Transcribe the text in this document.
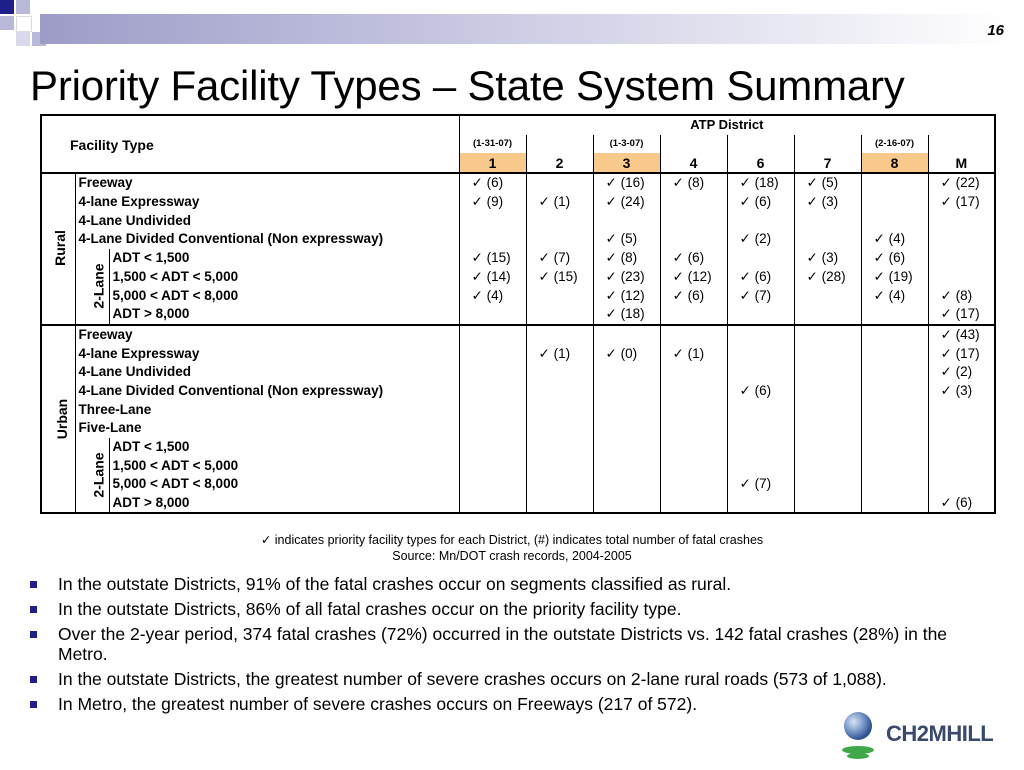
16
Priority Facility Types – State System Summary
Facility Type			ATP District							
			(1-31-07)		(1-3-07)				(2-16-07)	
			1	2	3	4	6	7	8	M
Rural	Freeway		✓ (6)		✓ (16)	✓ (8)	✓ (18)	✓ (5)		✓ (22)
	4-lane Expressway		✓ (9)	✓ (1)	✓ (24)		✓ (6)	✓ (3)		✓ (17)
	4-Lane Undivided									
	4-Lane Divided Conventional (Non expressway)				✓ (5)		✓ (2)		✓ (4)	
	2-Lane	ADT < 1,500	✓ (15)	✓ (7)	✓ (8)	✓ (6)		✓ (3)	✓ (6)	
		1,500 < ADT < 5,000	✓ (14)	✓ (15)	✓ (23)	✓ (12)	✓ (6)	✓ (28)	✓ (19)	
		5,000 < ADT < 8,000	✓ (4)		✓ (12)	✓ (6)	✓ (7)		✓ (4)	✓ (8)
		ADT > 8,000			✓ (18)					✓ (17)
Urban	Freeway									✓ (43)
	4-lane Expressway			✓ (1)	✓ (0)	✓ (1)				✓ (17)
	4-Lane Undivided									✓ (2)
	4-Lane Divided Conventional (Non expressway)						✓ (6)			✓ (3)
	Three-Lane									
	Five-Lane									
	2-Lane	ADT < 1,500								
		1,500 < ADT < 5,000								
		5,000 < ADT < 8,000					✓ (7)			
		ADT > 8,000								✓ (6)
✓ indicates priority facility types for each District, (#) indicates total number of fatal crashes
Source: Mn/DOT crash records, 2004-2005
In the outstate Districts, 91% of the fatal crashes occur on segments classified as rural.
In the outstate Districts, 86% of all fatal crashes occur on the priority facility type.
Over the 2-year period, 374 fatal crashes (72%) occurred in the outstate Districts vs. 142 fatal crashes (28%) in the Metro.
In the outstate Districts, the greatest number of severe crashes occurs on 2-lane rural roads (573 of 1,088).
In Metro, the greatest number of severe crashes occurs on Freeways (217 of 572).
CH2MHILL
